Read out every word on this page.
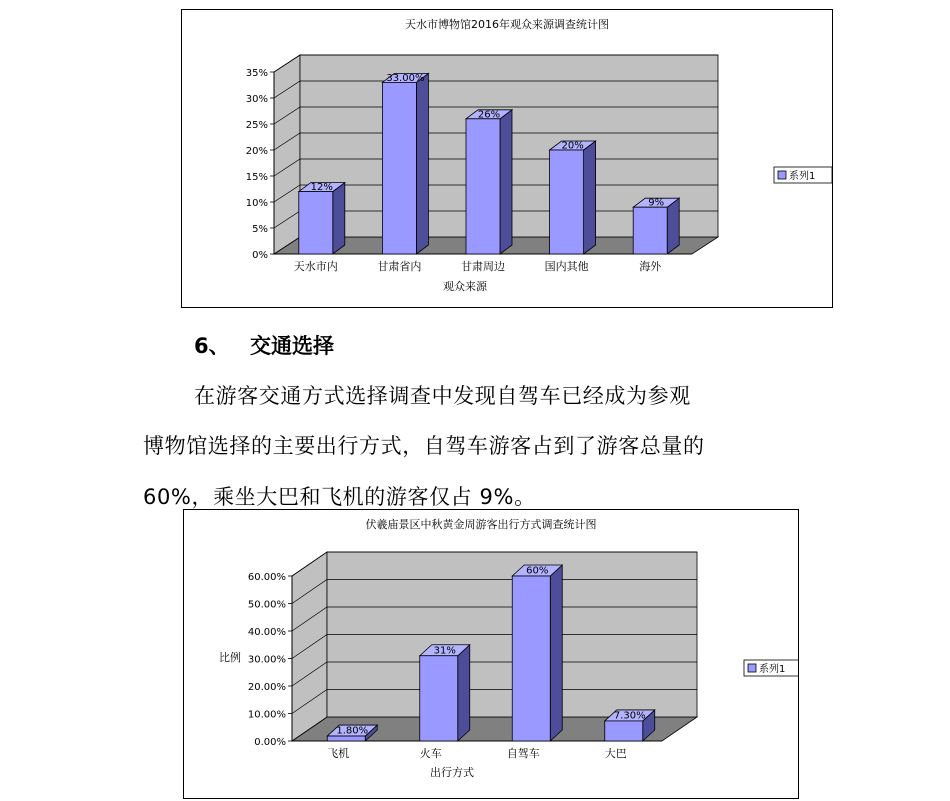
天水市博物馆2016年观众来源调查统计图
0%
5%
10%
15%
20%
25%
30%
35%
12%
天水市内
33.00%
甘肃省内
26%
甘肃周边
20%
国内其他
9%
海外
观众来源
系列1
6、 交通选择
在游客交通方式选择调查中发现自驾车已经成为参观
博物馆选择的主要出行方式，自驾车游客占到了游客总量的
60%，乘坐大巴和飞机的游客仅占 9%。
伏羲庙景区中秋黄金周游客出行方式调查统计图
0.00%
10.00%
20.00%
30.00%
40.00%
50.00%
60.00%
1.80%
飞机
31%
火车
60%
自驾车
7.30%
大巴
出行方式
比例
系列1
